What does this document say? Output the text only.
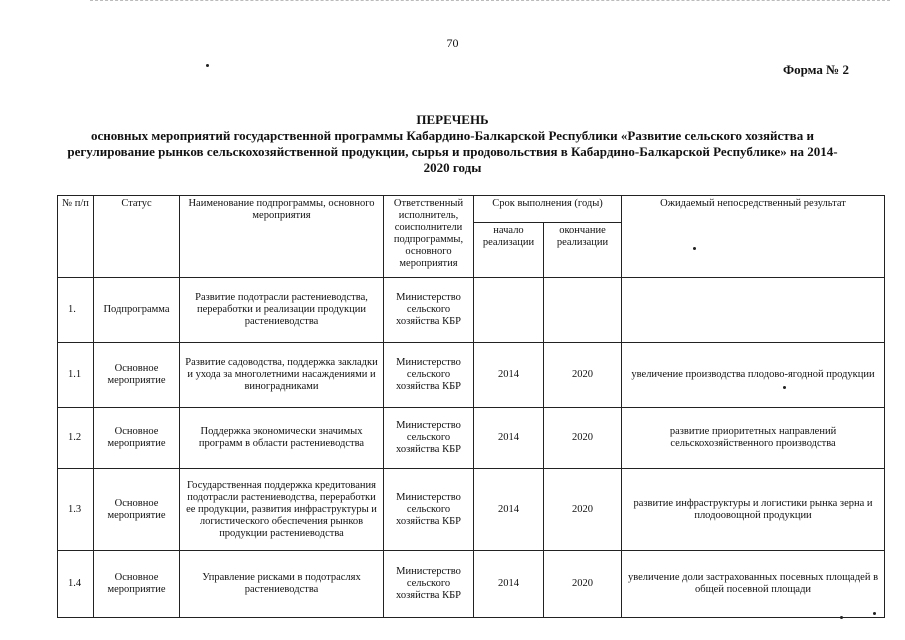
70
Форма № 2
ПЕРЕЧЕНЬ
основных мероприятий государственной программы Кабардино-Балкарской Республики «Развитие сельского хозяйства и регулирование рынков сельскохозяйственной продукции, сырья и продовольствия в Кабардино-Балкарской Республике» на 2014-2020 годы
№ п/п	Статус	Наименование подпрограммы, основного мероприятия	Ответственный исполнитель, соисполнители подпрограммы, основного мероприятия	Срок выполнения (годы)		Ожидаемый непосредственный результат
				начало реализации	окончание реализации	
1.	Подпрограмма	Развитие подотрасли растениеводства, переработки и реализации продукции растениеводства	Министерство сельского хозяйства КБР			
1.1	Основное мероприятие	Развитие садоводства, поддержка закладки и ухода за многолетними насаждениями и виноградниками	Министерство сельского хозяйства КБР	2014	2020	увеличение производства плодово-ягодной продукции
1.2	Основное мероприятие	Поддержка экономически значимых программ в области растениеводства	Министерство сельского хозяйства КБР	2014	2020	развитие приоритетных направлений сельскохозяйственного производства
1.3	Основное мероприятие	Государственная поддержка кредитования подотрасли растениеводства, переработки ее продукции, развития инфраструктуры и логистического обеспечения рынков продукции растениеводства	Министерство сельского хозяйства КБР	2014	2020	развитие инфраструктуры и логистики рынка зерна и плодоовощной продукции
1.4	Основное мероприятие	Управление рисками в подотраслях растениеводства	Министерство сельского хозяйства КБР	2014	2020	увеличение доли застрахованных посевных площадей в общей посевной площади
